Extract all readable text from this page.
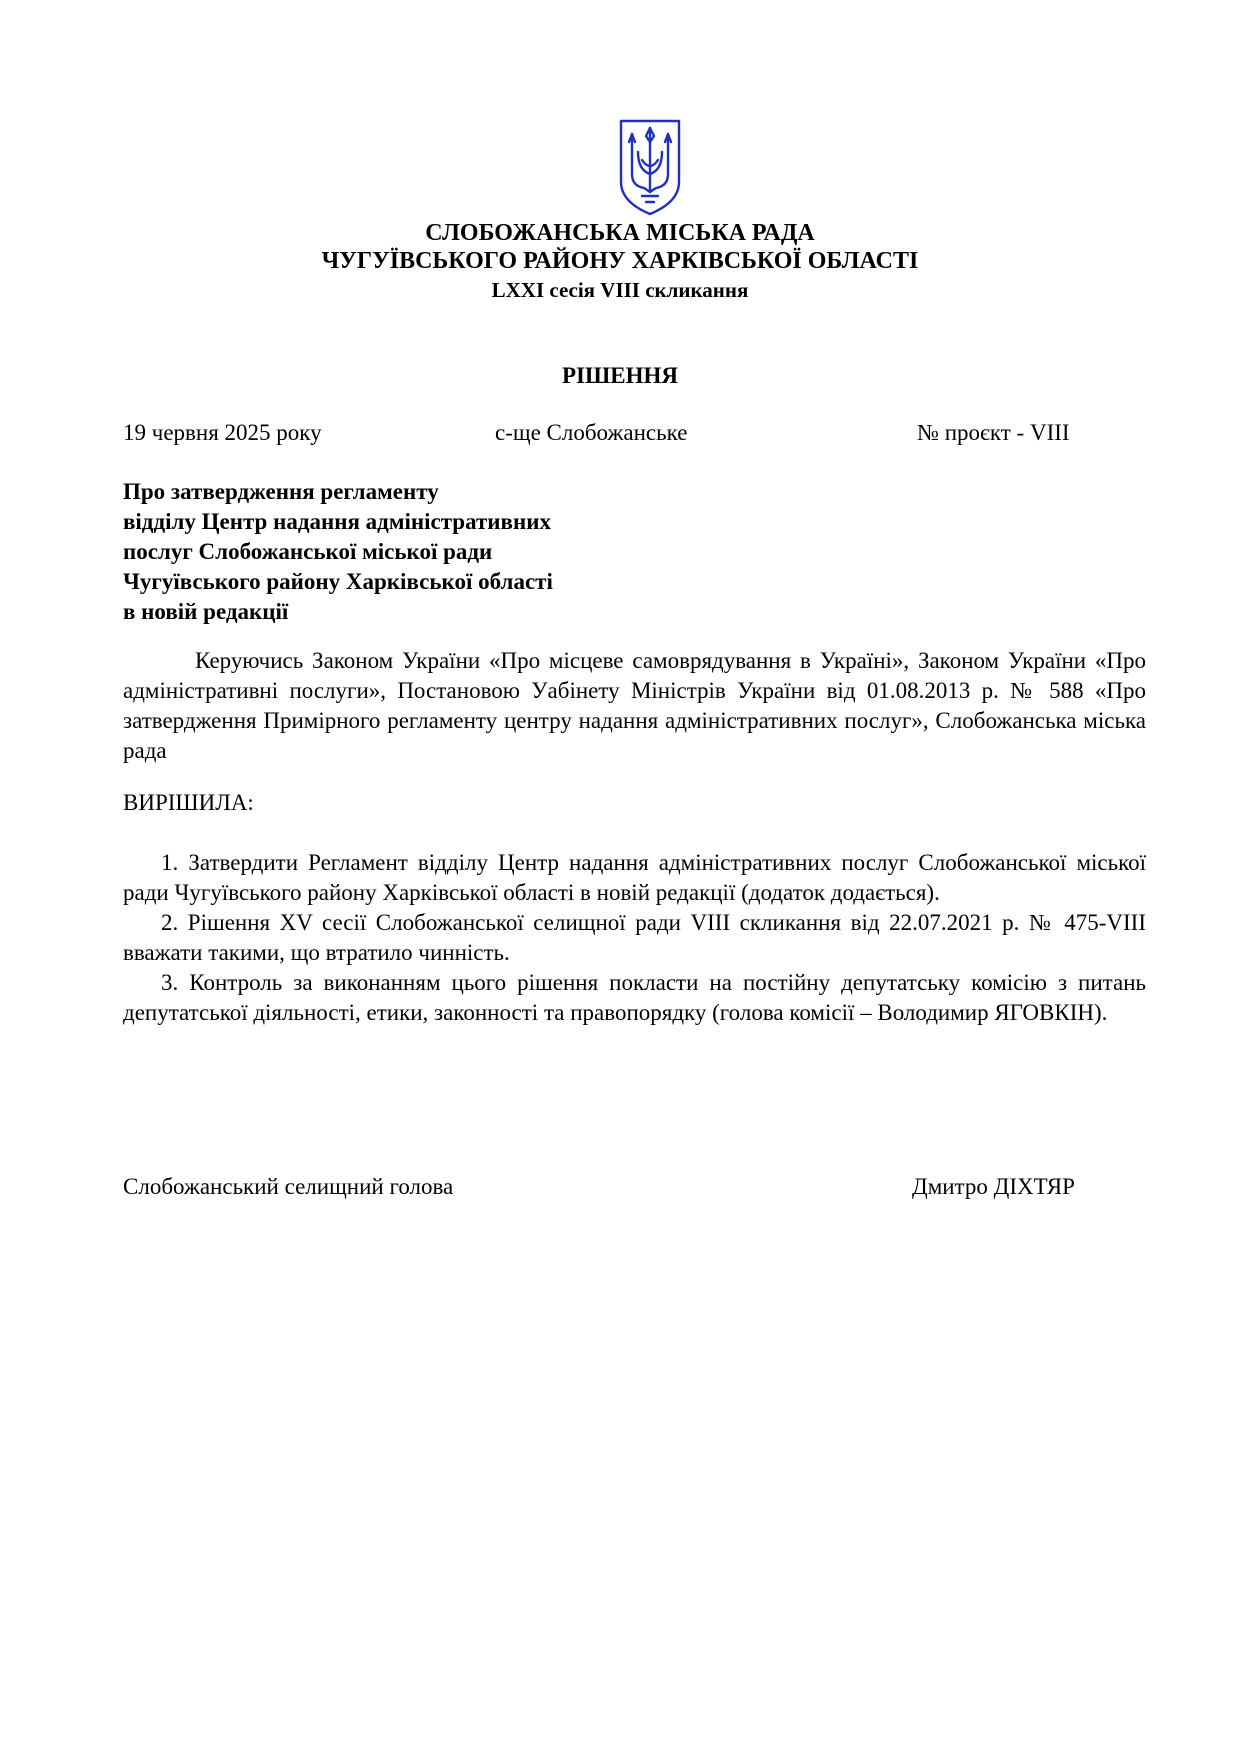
СЛОБОЖАНСЬКА МІСЬКА РАДА
ЧУГУЇВСЬКОГО РАЙОНУ ХАРКІВСЬКОЇ ОБЛАСТІ
LXXI сесія VIII скликання
РІШЕННЯ
19 червня 2025 року	с-ще Слобожанське	№ проєкт - VIII
Про затвердження регламенту
відділу Центр надання адміністративних
послуг Слобожанської міської ради
Чугуївського району Харківської області
в новій редакції

Керуючись Законом України «Про місцеве самоврядування в Україні», Законом України «Про адміністративні послуги», Постановою Уабінету Міністрів України від 01.08.2013 р. № 588 «Про затвердження Примірного регламенту центру надання адміністративних послуг», Слобожанська міська рада

ВИРІШИЛА:
1. Затвердити Регламент відділу Центр надання адміністративних послуг Слобожанської міської ради Чугуївського району Харківської області в новій редакції (додаток додається).
2. Рішення XV сесії Слобожанської селищної ради VIII скликання від 22.07.2021 р. № 475-VIII вважати такими, що втратило чинність.
3. Контроль за виконанням цього рішення покласти на постійну депутатську комісію з питань депутатської діяльності, етики, законності та правопорядку (голова комісії – Володимир ЯГОВКІН).
Слобожанський селищний голова	Дмитро ДІХТЯР
